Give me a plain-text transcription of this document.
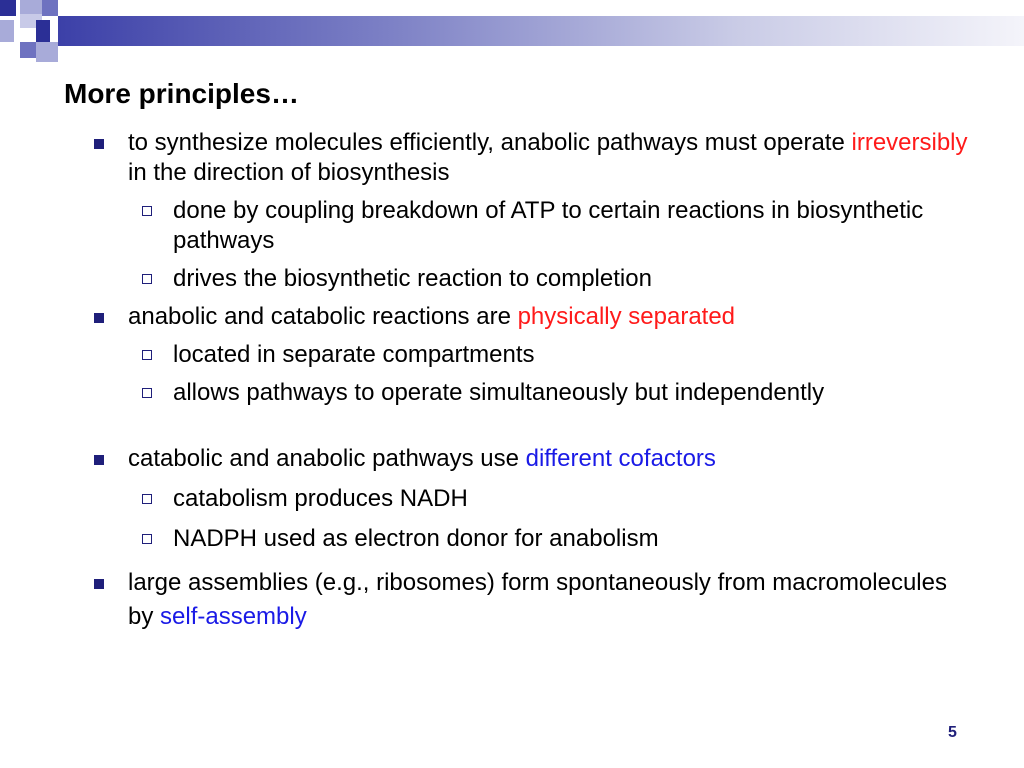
More principles…
to synthesize molecules efficiently, anabolic pathways must operate irreversibly in the direction of biosynthesis
done by coupling breakdown of ATP to certain reactions in biosynthetic pathways
drives the biosynthetic reaction to completion
anabolic and catabolic reactions are physically separated
located in separate compartments
allows pathways to operate simultaneously but independently
catabolic and anabolic pathways use different cofactors
catabolism produces NADH
NADPH used as electron donor for anabolism
large assemblies (e.g., ribosomes) form spontaneously from macromolecules by self-assembly
5
